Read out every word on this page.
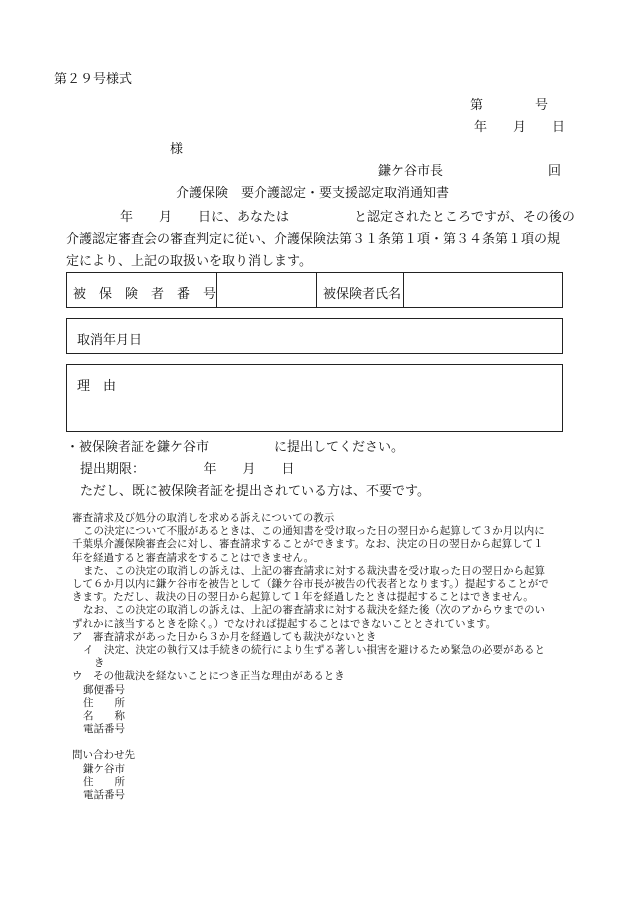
第２９号様式
第　　　　号
年　　月　　日
様
鎌ケ谷市長	回
介護保険　要介護認定・要支援認定取消通知書
年　　月　　日に、あなたは　　　　　と認定されたところですが、その後の
介護認定審査会の審査判定に従い、介護保険法第３１条第１項・第３４条第１項の規
定により、上記の取扱いを取り消します。
被　保　険　者　番　号	被保険者氏名
取消年月日
理　由
・被保険者証を鎌ケ谷市　　　　　に提出してください。
提出期限：　　　　　年　　月　　日
ただし、既に被保険者証を提出されている方は、不要です。
審査請求及び処分の取消しを求める訴えについての教示
この決定について不服があるときは、この通知書を受け取った日の翌日から起算して３か月以内に千葉県介護保険審査会に対し、審査請求することができます。なお、決定の日の翌日から起算して１年を経過すると審査請求をすることはできません。
また、この決定の取消しの訴えは、上記の審査請求に対する裁決書を受け取った日の翌日から起算して６か月以内に鎌ケ谷市を被告として（鎌ケ谷市長が被告の代表者となります。）提起することができます。ただし、裁決の日の翌日から起算して１年を経過したときは提起することはできません。
なお、この決定の取消しの訴えは、上記の審査請求に対する裁決を経た後（次のアからウまでのいずれかに該当するときを除く。）でなければ提起することはできないこととされています。
ア　審査請求があった日から３か月を経過しても裁決がないとき
イ　決定、決定の執行又は手続きの続行により生ずる著しい損害を避けるため緊急の必要があるとき
ウ　その他裁決を経ないことにつき正当な理由があるとき
郵便番号
住　　所
名　　称
電話番号
問い合わせ先
鎌ケ谷市
住　　所
電話番号
